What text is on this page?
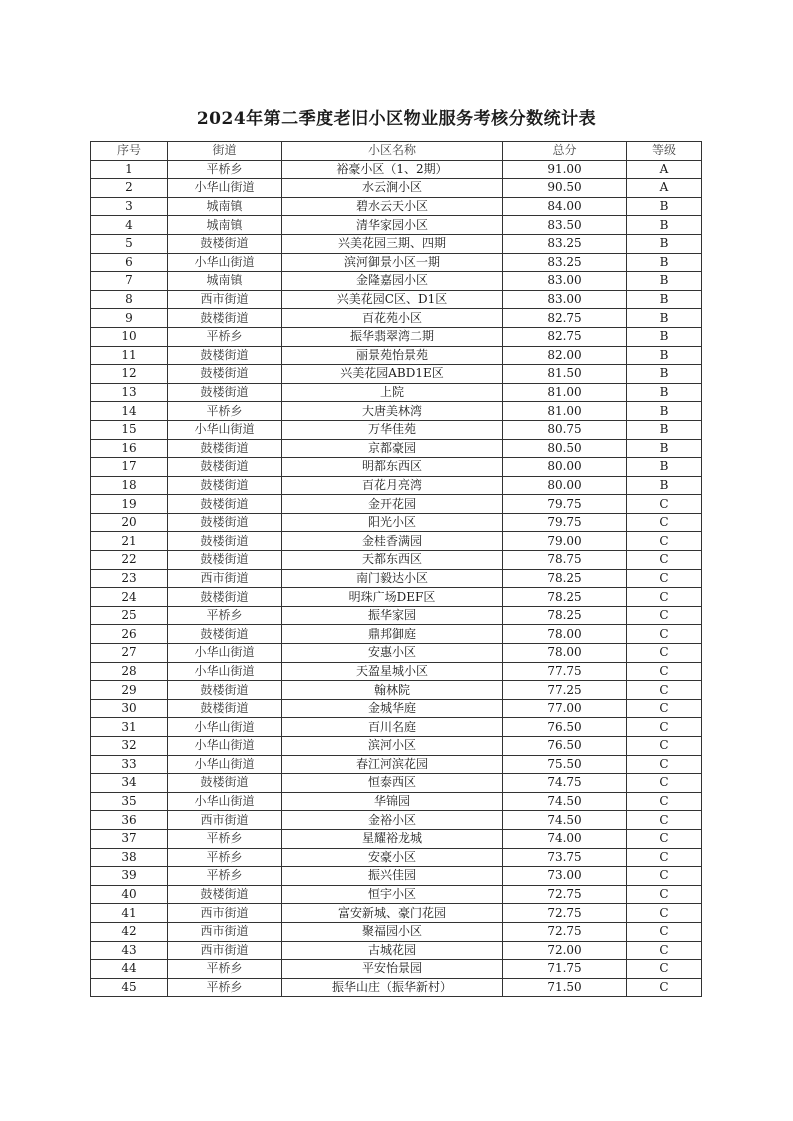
2024年第二季度老旧小区物业服务考核分数统计表
序号	街道	小区名称	总分	等级
1	平桥乡	裕豪小区（1、2期）	91.00	A
2	小华山街道	水云涧小区	90.50	A
3	城南镇	碧水云天小区	84.00	B
4	城南镇	清华家园小区	83.50	B
5	鼓楼街道	兴美花园三期、四期	83.25	B
6	小华山街道	滨河御景小区一期	83.25	B
7	城南镇	金隆嘉园小区	83.00	B
8	西市街道	兴美花园C区、D1区	83.00	B
9	鼓楼街道	百花苑小区	82.75	B
10	平桥乡	振华翡翠湾二期	82.75	B
11	鼓楼街道	丽景苑怡景苑	82.00	B
12	鼓楼街道	兴美花园ABD1E区	81.50	B
13	鼓楼街道	上院	81.00	B
14	平桥乡	大唐美林湾	81.00	B
15	小华山街道	万华佳苑	80.75	B
16	鼓楼街道	京都豪园	80.50	B
17	鼓楼街道	明都东西区	80.00	B
18	鼓楼街道	百花月亮湾	80.00	B
19	鼓楼街道	金开花园	79.75	C
20	鼓楼街道	阳光小区	79.75	C
21	鼓楼街道	金桂香满园	79.00	C
22	鼓楼街道	天都东西区	78.75	C
23	西市街道	南门毅达小区	78.25	C
24	鼓楼街道	明珠广场DEF区	78.25	C
25	平桥乡	振华家园	78.25	C
26	鼓楼街道	鼎邦御庭	78.00	C
27	小华山街道	安惠小区	78.00	C
28	小华山街道	天盈星城小区	77.75	C
29	鼓楼街道	翰林院	77.25	C
30	鼓楼街道	金城华庭	77.00	C
31	小华山街道	百川名庭	76.50	C
32	小华山街道	滨河小区	76.50	C
33	小华山街道	春江河滨花园	75.50	C
34	鼓楼街道	恒泰西区	74.75	C
35	小华山街道	华锦园	74.50	C
36	西市街道	金裕小区	74.50	C
37	平桥乡	星耀裕龙城	74.00	C
38	平桥乡	安豪小区	73.75	C
39	平桥乡	振兴佳园	73.00	C
40	鼓楼街道	恒宇小区	72.75	C
41	西市街道	富安新城、豪门花园	72.75	C
42	西市街道	聚福园小区	72.75	C
43	西市街道	古城花园	72.00	C
44	平桥乡	平安怡景园	71.75	C
45	平桥乡	振华山庄（振华新村）	71.50	C
